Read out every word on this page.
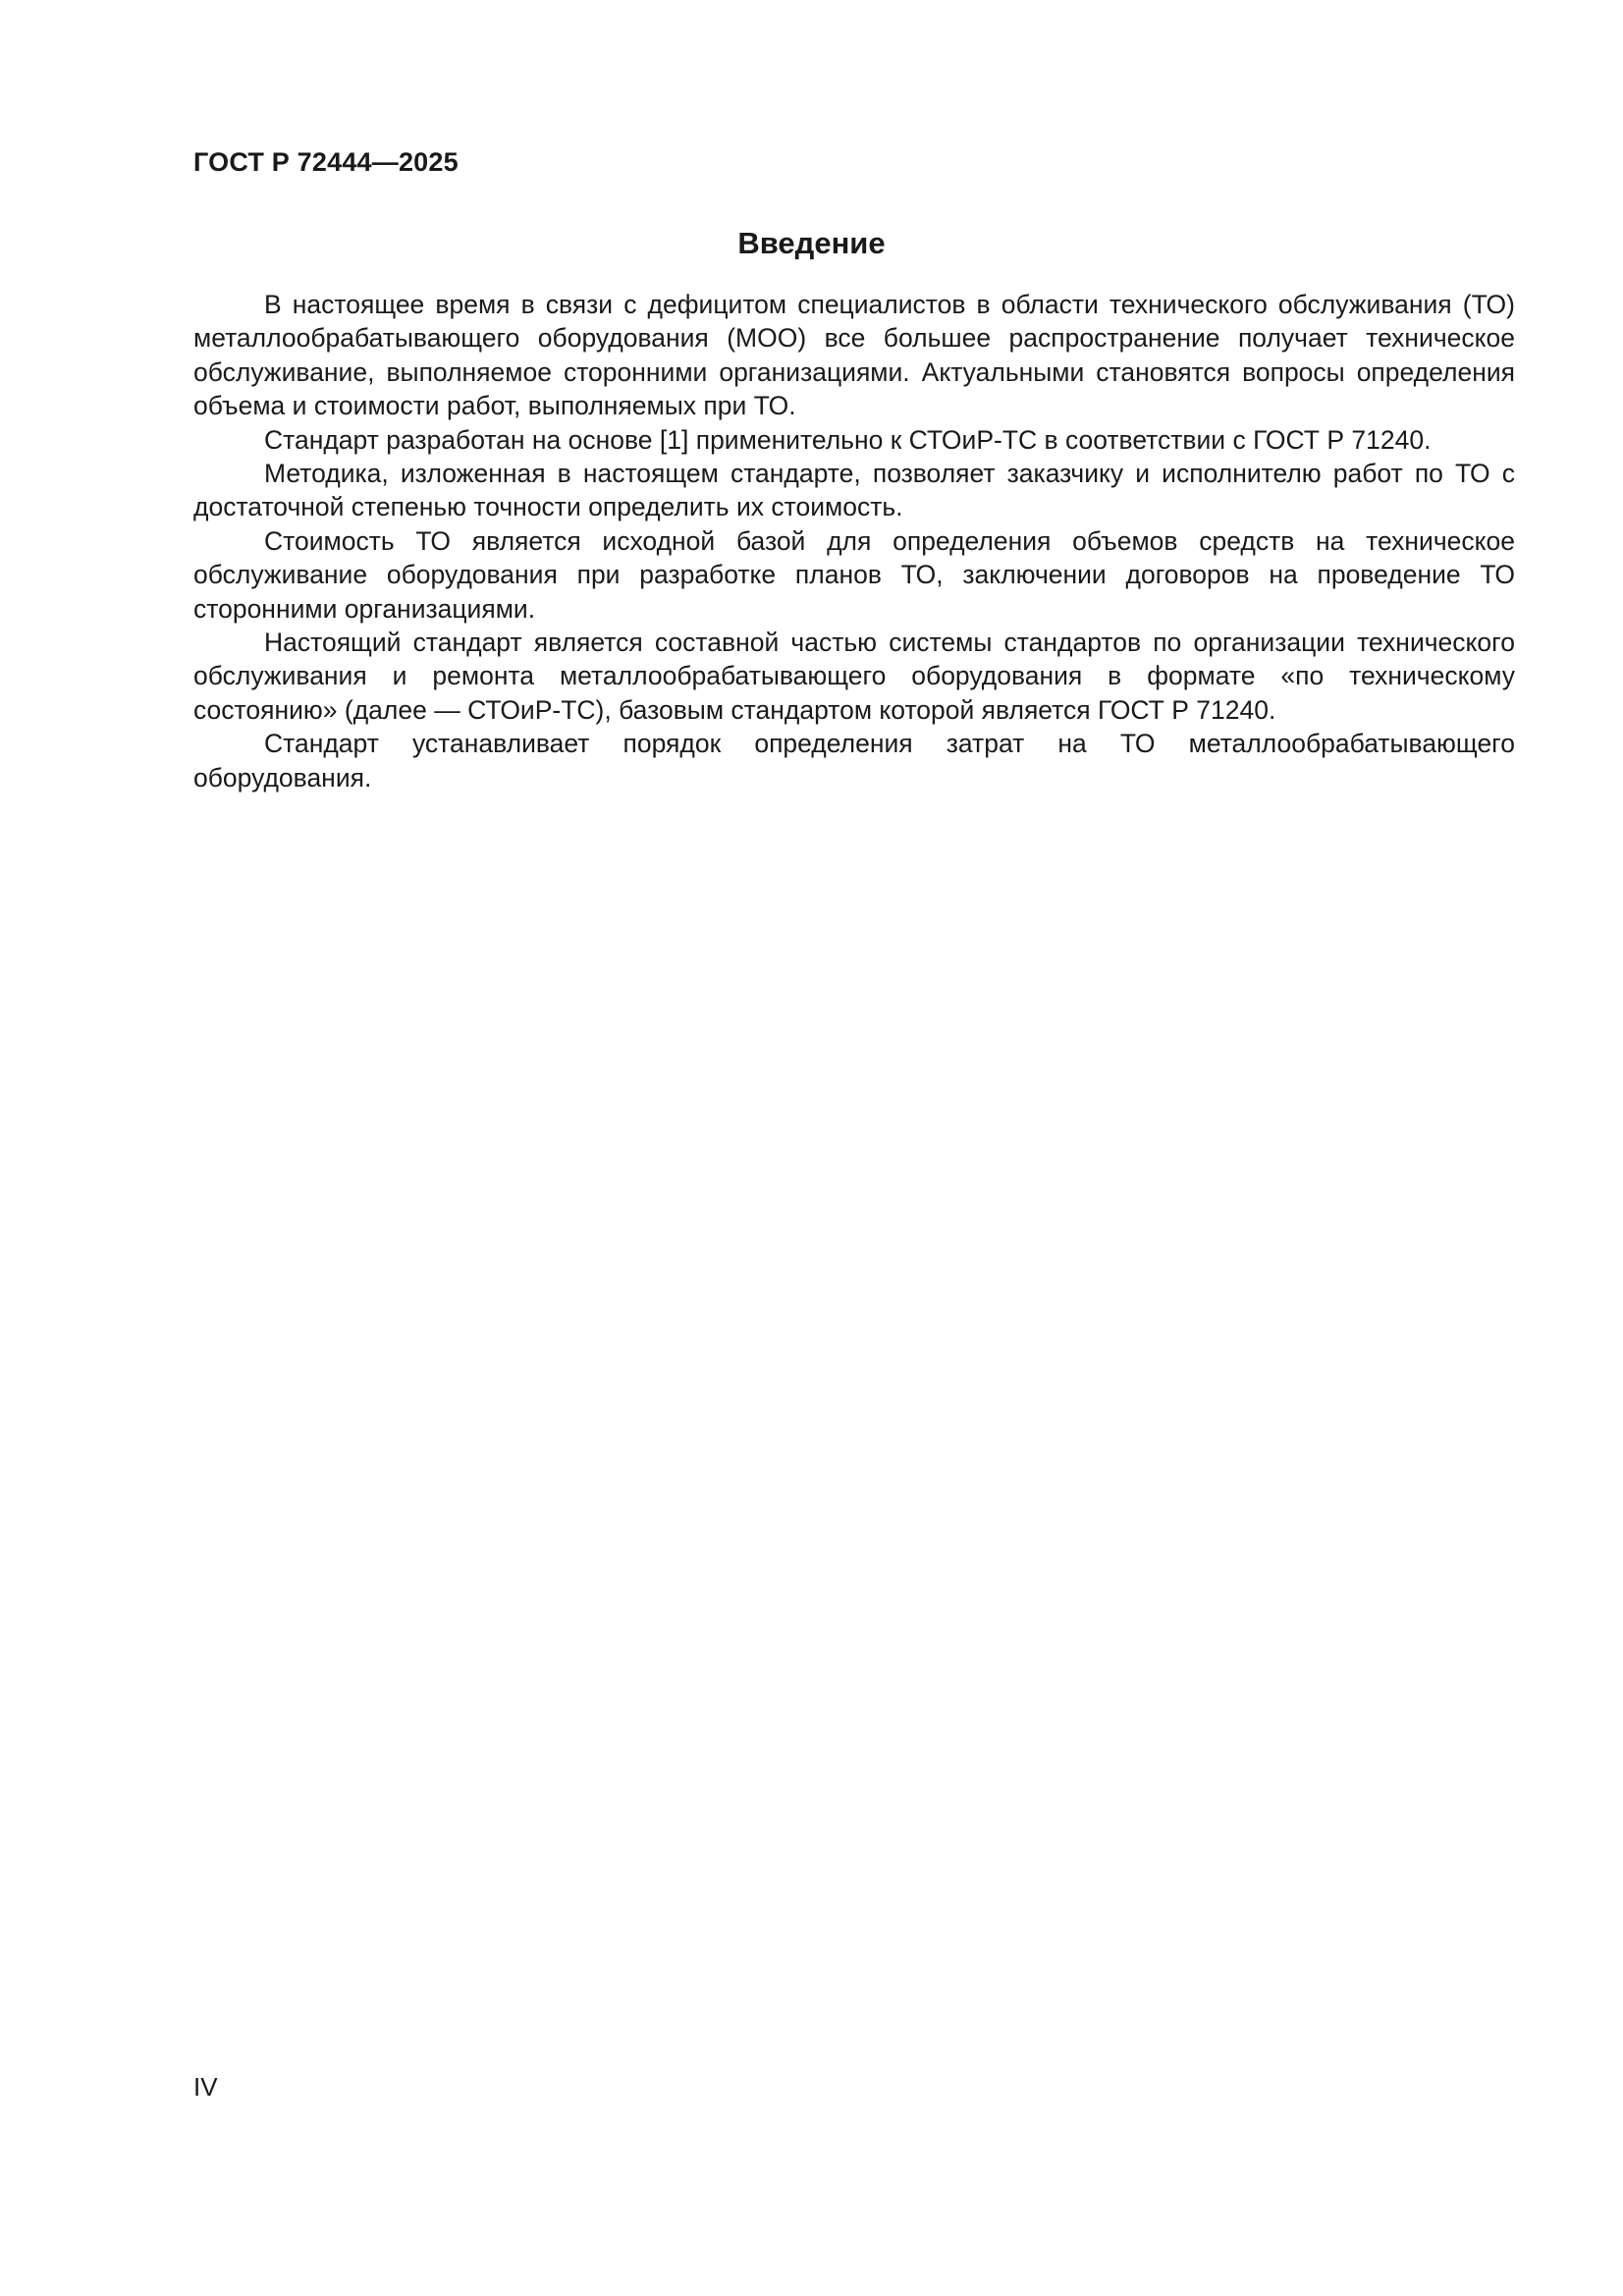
ГОСТ Р 72444—2025
Введение

В настоящее время в связи с дефицитом специалистов в области технического обслуживания (ТО) металлообрабатывающего оборудования (МОО) все большее распространение получает техническое обслуживание, выполняемое сторонними организациями. Актуальными становятся вопросы определения объема и стоимости работ, выполняемых при ТО.

Стандарт разработан на основе [1] применительно к СТОиР-ТС в соответствии с ГОСТ Р 71240.

Методика, изложенная в настоящем стандарте, позволяет заказчику и исполнителю работ по ТО с достаточной степенью точности определить их стоимость.

Стоимость ТО является исходной базой для определения объемов средств на техническое обслуживание оборудования при разработке планов ТО, заключении договоров на проведение ТО сторонними организациями.

Настоящий стандарт является составной частью системы стандартов по организации технического обслуживания и ремонта металлообрабатывающего оборудования в формате «по техническому состоянию» (далее — СТОиР-ТС), базовым стандартом которой является ГОСТ Р 71240.

Стандарт устанавливает порядок определения затрат на ТО металлообрабатывающего оборудования.

IV
